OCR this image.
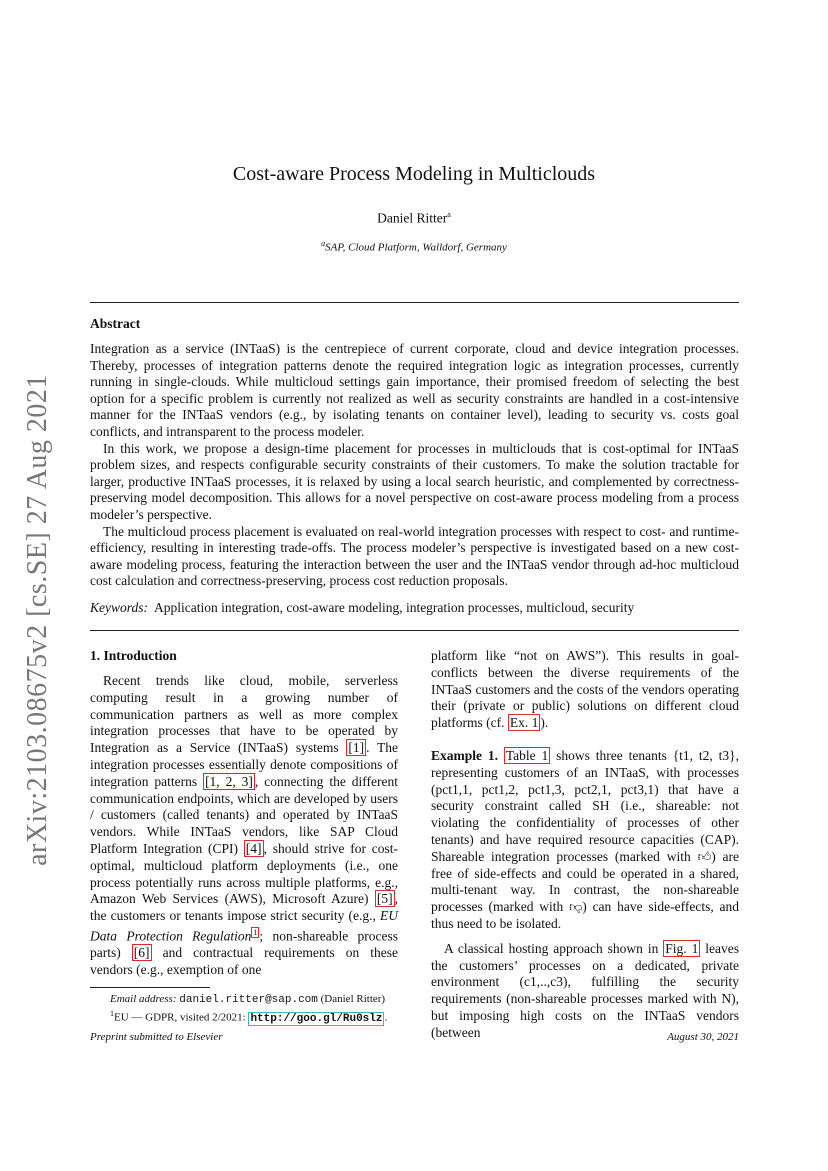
arXiv:2103.08675v2 [cs.SE] 27 Aug 2021
Cost-aware Process Modeling in Multiclouds
Daniel Ritter$^a$
$^a$SAP, Cloud Platform, Walldorf, Germany
Abstract

Integration as a service (INTaaS) is the centrepiece of current corporate, cloud and device integration processes. Thereby, processes of integration patterns denote the required integration logic as integration processes, currently running in single-clouds. While multicloud settings gain importance, their promised freedom of selecting the best option for a specific problem is currently not realized as well as security constraints are handled in a cost-intensive manner for the INTaaS vendors (e.g., by isolating tenants on container level), leading to security vs. costs goal conflicts, and intransparent to the process modeler.

In this work, we propose a design-time placement for processes in multiclouds that is cost-optimal for INTaaS problem sizes, and respects configurable security constraints of their customers. To make the solution tractable for larger, productive INTaaS processes, it is relaxed by using a local search heuristic, and complemented by correctness-preserving model decomposition. This allows for a novel perspective on cost-aware process modeling from a process modeler’s perspective.

The multicloud process placement is evaluated on real-world integration processes with respect to cost- and runtime-efficiency, resulting in interesting trade-offs. The process modeler’s perspective is investigated based on a new cost-aware modeling process, featuring the interaction between the user and the INTaaS vendor through ad-hoc multicloud cost calculation and correctness-preserving, process cost reduction proposals.

Keywords: Application integration, cost-aware modeling, integration processes, multicloud, security
1. Introduction

Recent trends like cloud, mobile, serverless computing result in a growing number of communication partners as well as more complex integration processes that have to be operated by Integration as a Service (INTaaS) systems [1] . The integration processes essentially denote compositions of integration patterns [1, 2, 3] , connecting the different communication endpoints, which are developed by users / customers (called tenants) and operated by INTaaS vendors. While INTaaS vendors, like SAP Cloud Platform Integration (CPI) [4] , should strive for cost-optimal, multicloud platform deployments (i.e., one process potentially runs across multiple platforms, e.g., Amazon Web Services (AWS), Microsoft Azure) [5] , the customers or tenants impose strict security (e.g., EU Data Protection Regulation $^1$ ; non-shareable process parts) [6] and contractual requirements on these vendors (e.g., exemption of one

platform like “not on AWS”). This results in goal-conflicts between the diverse requirements of the INTaaS customers and the costs of the vendors operating their (private or public) solutions on different cloud platforms (cf. Ex. 1 ).

Example 1. Table 1 shows three tenants {t1, t2, t3}, representing customers of an INTaaS, with processes (pct1,1, pct1,2, pct1,3, pct2,1, pct3,1) that have a security constraint called SH (i.e., shareable: not violating the confidentiality of processes of other tenants) and have required resource capacities (CAP). Shareable integration processes (marked with 👍︎) are free of side-effects and could be operated in a shared, multi-tenant way. In contrast, the non-shareable processes (marked with 👎︎) can have side-effects, and thus need to be isolated.

A classical hosting approach shown in Fig. 1 leaves the customers’ processes on a dedicated, private environment (c1,..,c3), fulfilling the security requirements (non-shareable processes marked with N), but imposing high costs on the INTaaS vendors (between

Email address: daniel.ritter@sap.com (Daniel Ritter)

$^1$EU — GDPR, visited 2/2021: http://goo.gl/Ru0slz .

Preprint submitted to Elsevier	August 30, 2021
